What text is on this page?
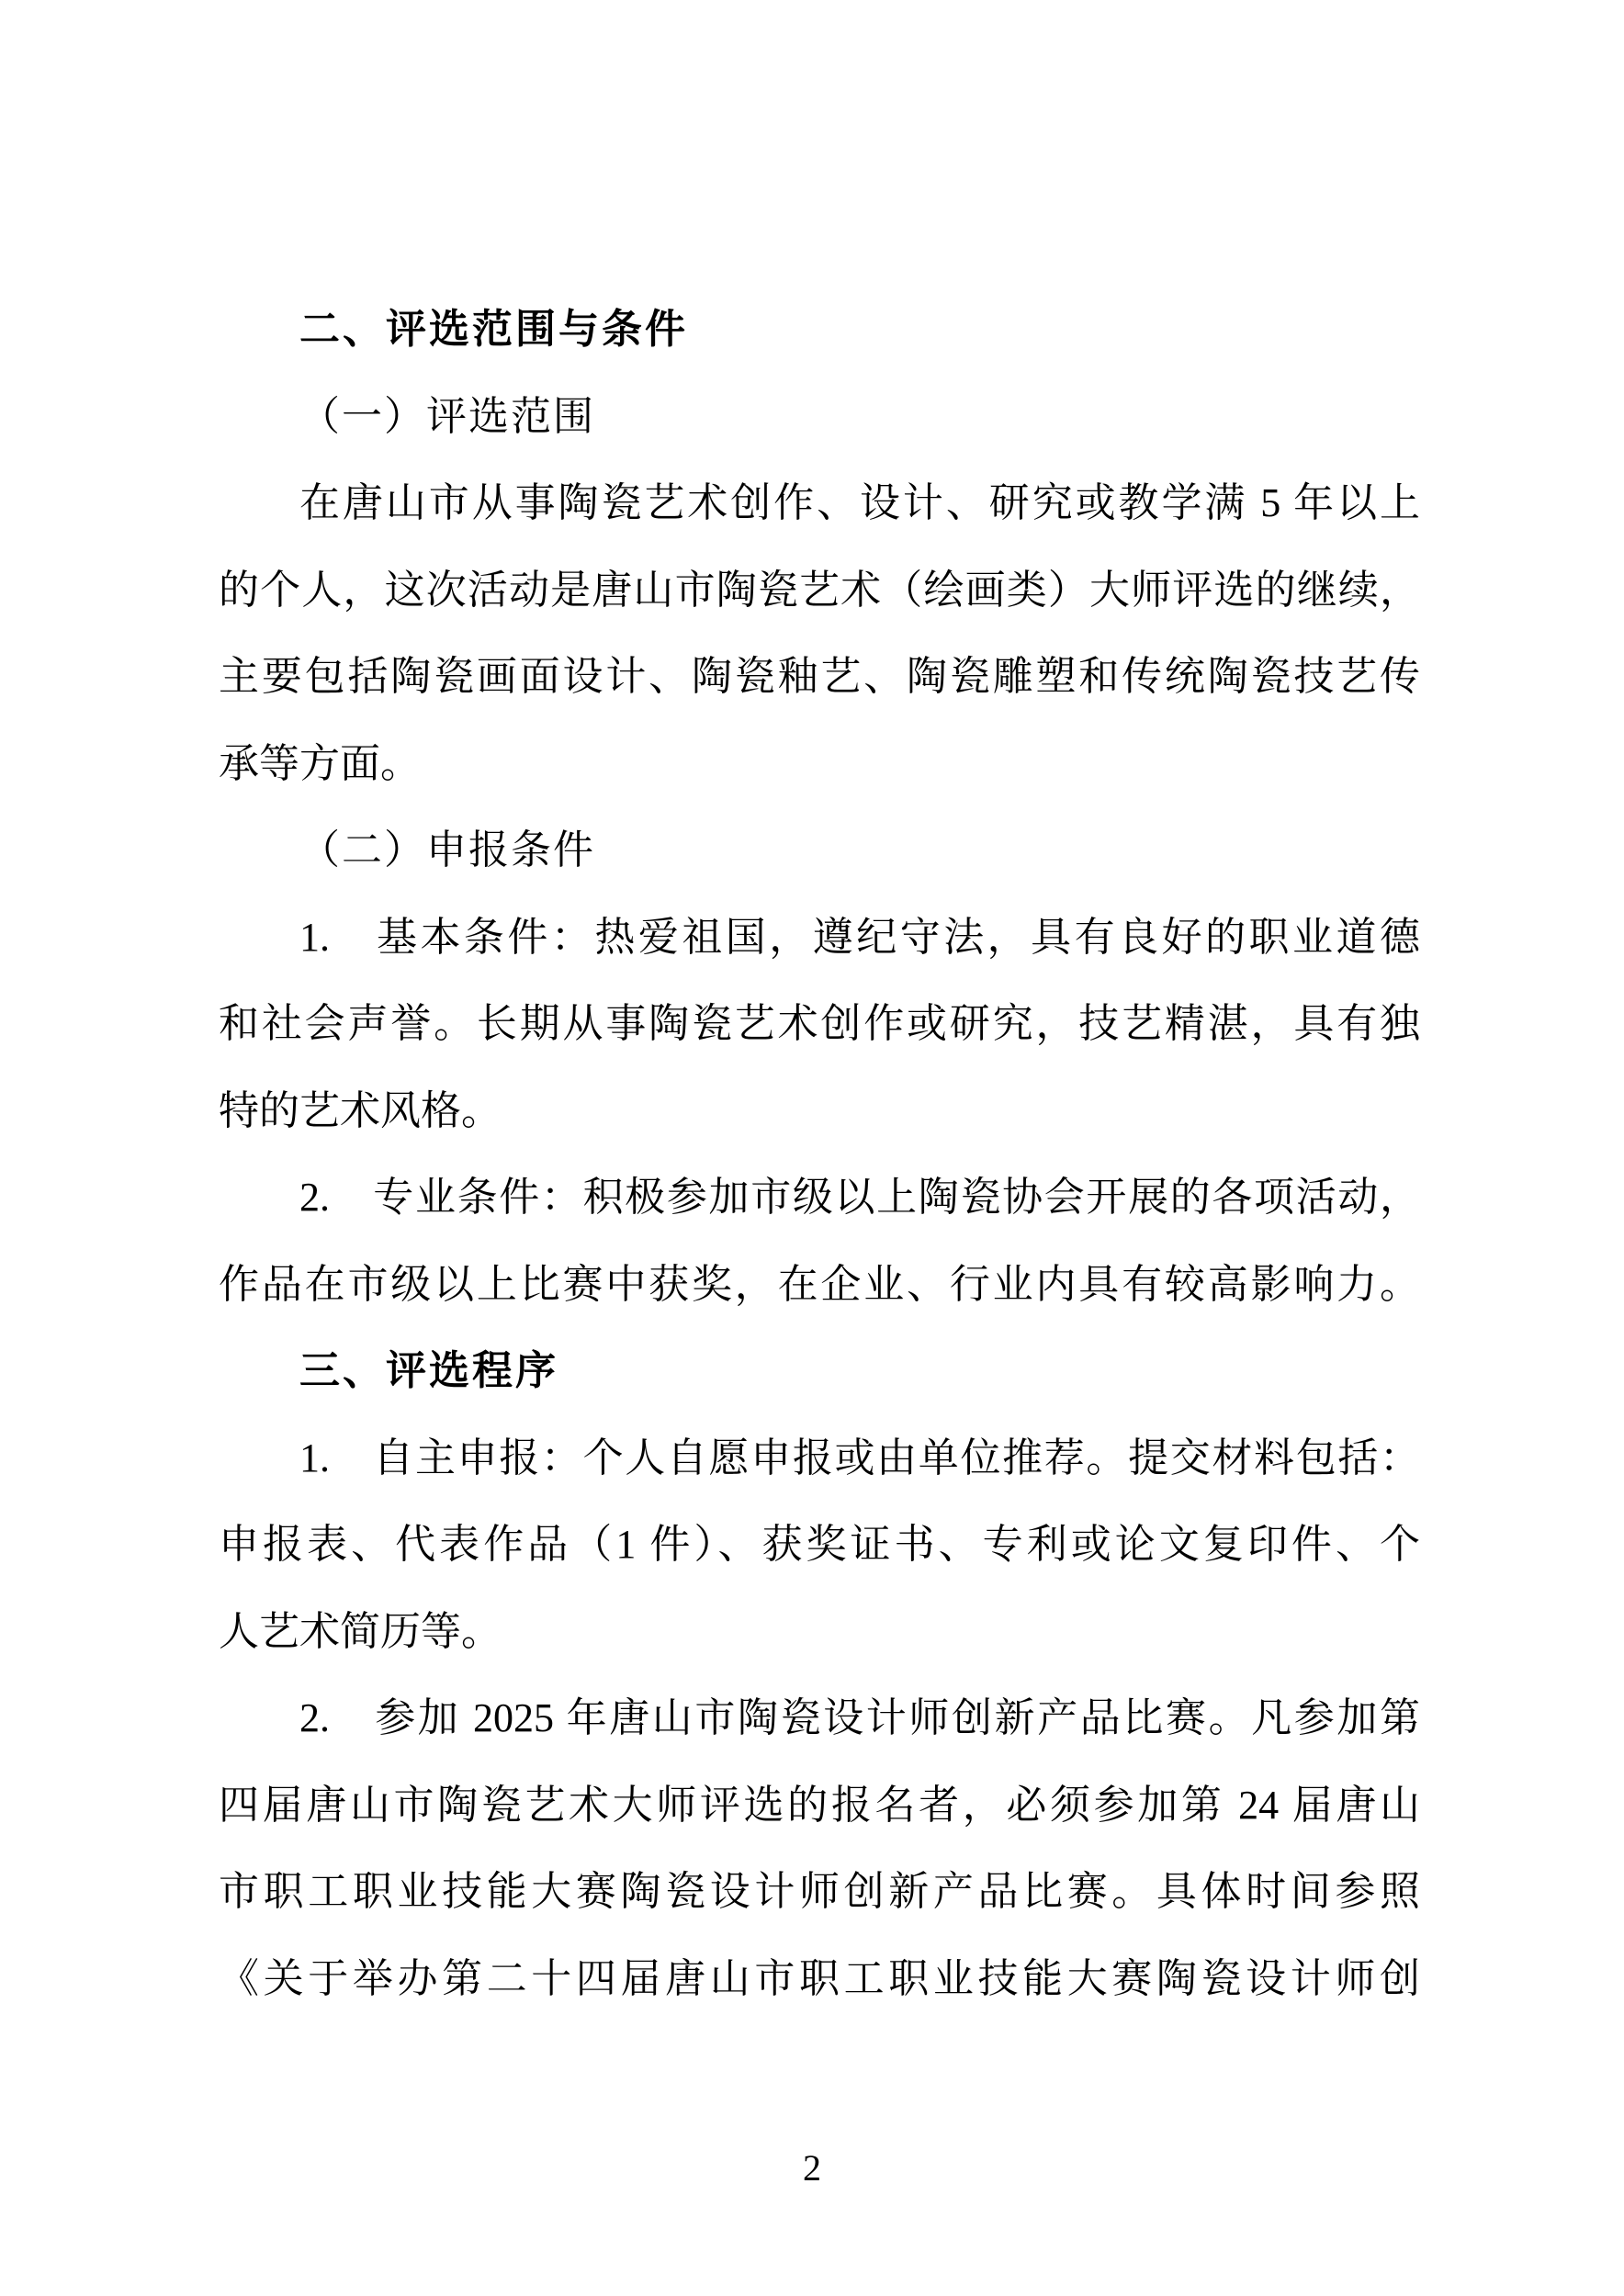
二、评选范围与条件
（一）评选范围
在唐山市从事陶瓷艺术创作、设计、研究或教学满 5 年以上
的个人，这次活动是唐山市陶瓷艺术（绘画类）大师评选的继续，
主要包括陶瓷画面设计、陶瓷釉艺、陶瓷雕塑和传统陶瓷技艺传
承等方面。
（二）申报条件
1.　基本条件：热爱祖国，遵纪守法，具有良好的职业道德
和社会声誉。长期从事陶瓷艺术创作或研究，技艺精湛，具有独
特的艺术风格。
2.　专业条件：积极参加市级以上陶瓷协会开展的各项活动，
作品在市级以上比赛中获奖，在企业、行业内具有较高影响力。
三、评选程序
1.　自主申报：个人自愿申报或由单位推荐。提交材料包括：
申报表、代表作品（1 件）、获奖证书、专利或论文复印件、个
人艺术简历等。
2.　参加 2025 年唐山市陶瓷设计师创新产品比赛。凡参加第
四届唐山市陶瓷艺术大师评选的报名者，必须参加第 24 届唐山
市职工职业技能大赛陶瓷设计师创新产品比赛。具体时间参照
《关于举办第二十四届唐山市职工职业技能大赛陶瓷设计师创
2
